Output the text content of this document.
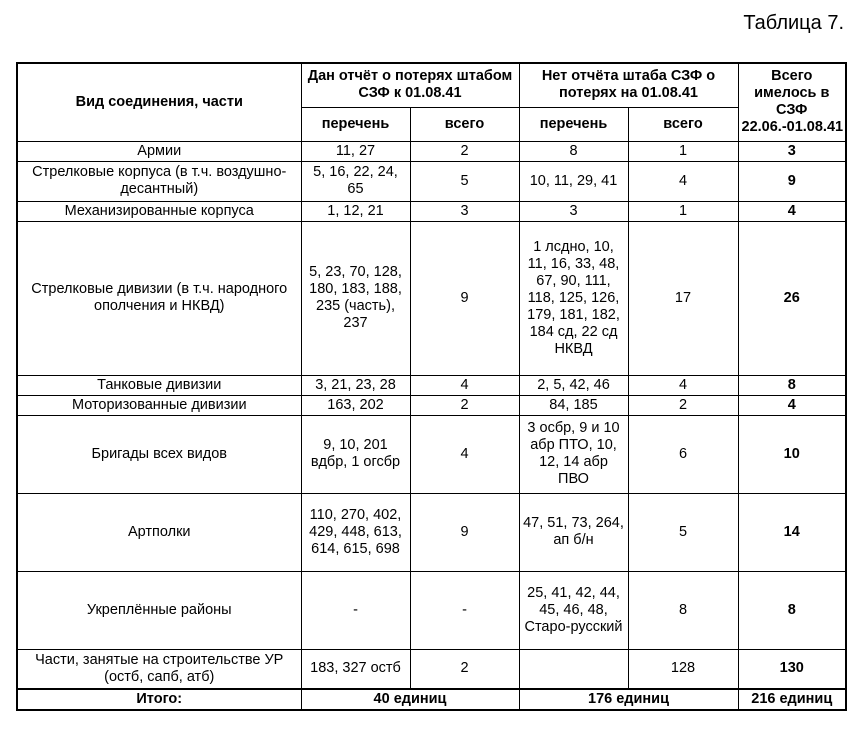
Таблица 7.
Вид соединения, части	Дан отчёт о потерях штабом СЗФ к 01.08.41		Нет отчёта штаба СЗФ о потерях на 01.08.41		Всего имелось в СЗФ 22.06.-01.08.41
	перечень	всего	перечень	всего	
Армии	11, 27	2	8	1	3
Стрелковые корпуса (в т.ч. воздушно-десантный)	5, 16, 22, 24, 65	5	10, 11, 29, 41	4	9
Механизированные корпуса	1, 12, 21	3	3	1	4
Стрелковые дивизии (в т.ч. народного ополчения и НКВД)	5, 23, 70, 128, 180, 183, 188, 235 (часть), 237	9	1 лсдно, 10, 11, 16, 33, 48, 67, 90, 111, 118, 125, 126, 179, 181, 182, 184 сд, 22 сд НКВД	17	26
Танковые дивизии	3, 21, 23, 28	4	2, 5, 42, 46	4	8
Моторизованные дивизии	163, 202	2	84, 185	2	4
Бригады всех видов	9, 10, 201 вдбр, 1 огсбр	4	3 осбр, 9 и 10 абр ПТО, 10, 12, 14 абр ПВО	6	10
Артполки	110, 270, 402, 429, 448, 613, 614, 615, 698	9	47, 51, 73, 264, ап б/н	5	14
Укреплённые районы	-	-	25, 41, 42, 44, 45, 46, 48, Старо-русский	8	8
Части, занятые на строительстве УР (остб, сапб, атб)	183, 327 остб	2		128	130
Итого:	40 единиц		176 единиц		216 единиц
